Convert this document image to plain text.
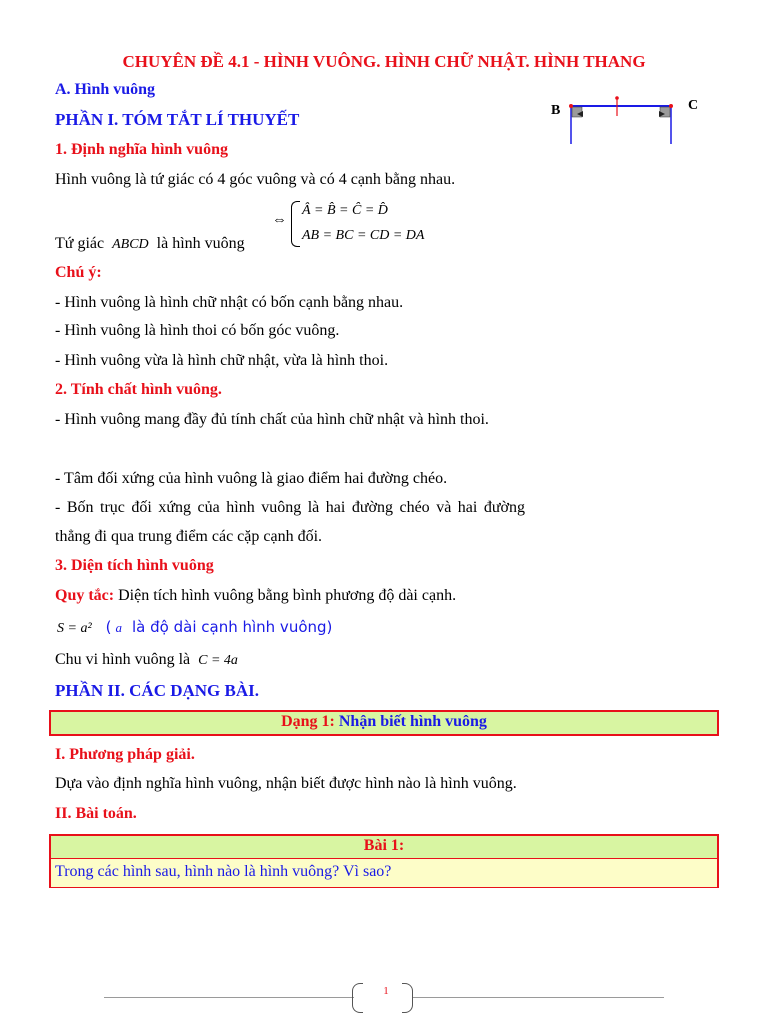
CHUYÊN ĐỀ 4.1 - HÌNH VUÔNG. HÌNH CHỮ NHẬT. HÌNH THANG
B	C
A. Hình vuông
PHẦN I. TÓM TẮT LÍ THUYẾT
1. Định nghĩa hình vuông
Hình vuông là tứ giác có 4 góc vuông và có 4 cạnh bằng nhau.
Tứ giác ABCD là hình vuông
⇔
Â = B̂ = Ĉ = D̂
AB = BC = CD = DA
Chú ý:
- Hình vuông là hình chữ nhật có bốn cạnh bằng nhau.
- Hình vuông là hình thoi có bốn góc vuông.
- Hình vuông vừa là hình chữ nhật, vừa là hình thoi.
2. Tính chất hình vuông.
- Hình vuông mang đầy đủ tính chất của hình chữ nhật và hình thoi.
- Tâm đối xứng của hình vuông là giao điểm hai đường chéo.
- Bốn trục đối xứng của hình vuông là hai đường chéo và hai đường thẳng đi qua trung điểm các cặp cạnh đối.
3. Diện tích hình vuông
Quy tắc: Diện tích hình vuông bằng bình phương độ dài cạnh.
S = a² ( a là độ dài cạnh hình vuông)
Chu vi hình vuông là C = 4a
PHẦN II. CÁC DẠNG BÀI.
Dạng 1: Nhận biết hình vuông
I. Phương pháp giải.
Dựa vào định nghĩa hình vuông, nhận biết được hình nào là hình vuông.
II. Bài toán.
Bài 1:
Trong các hình sau, hình nào là hình vuông? Vì sao?
1
